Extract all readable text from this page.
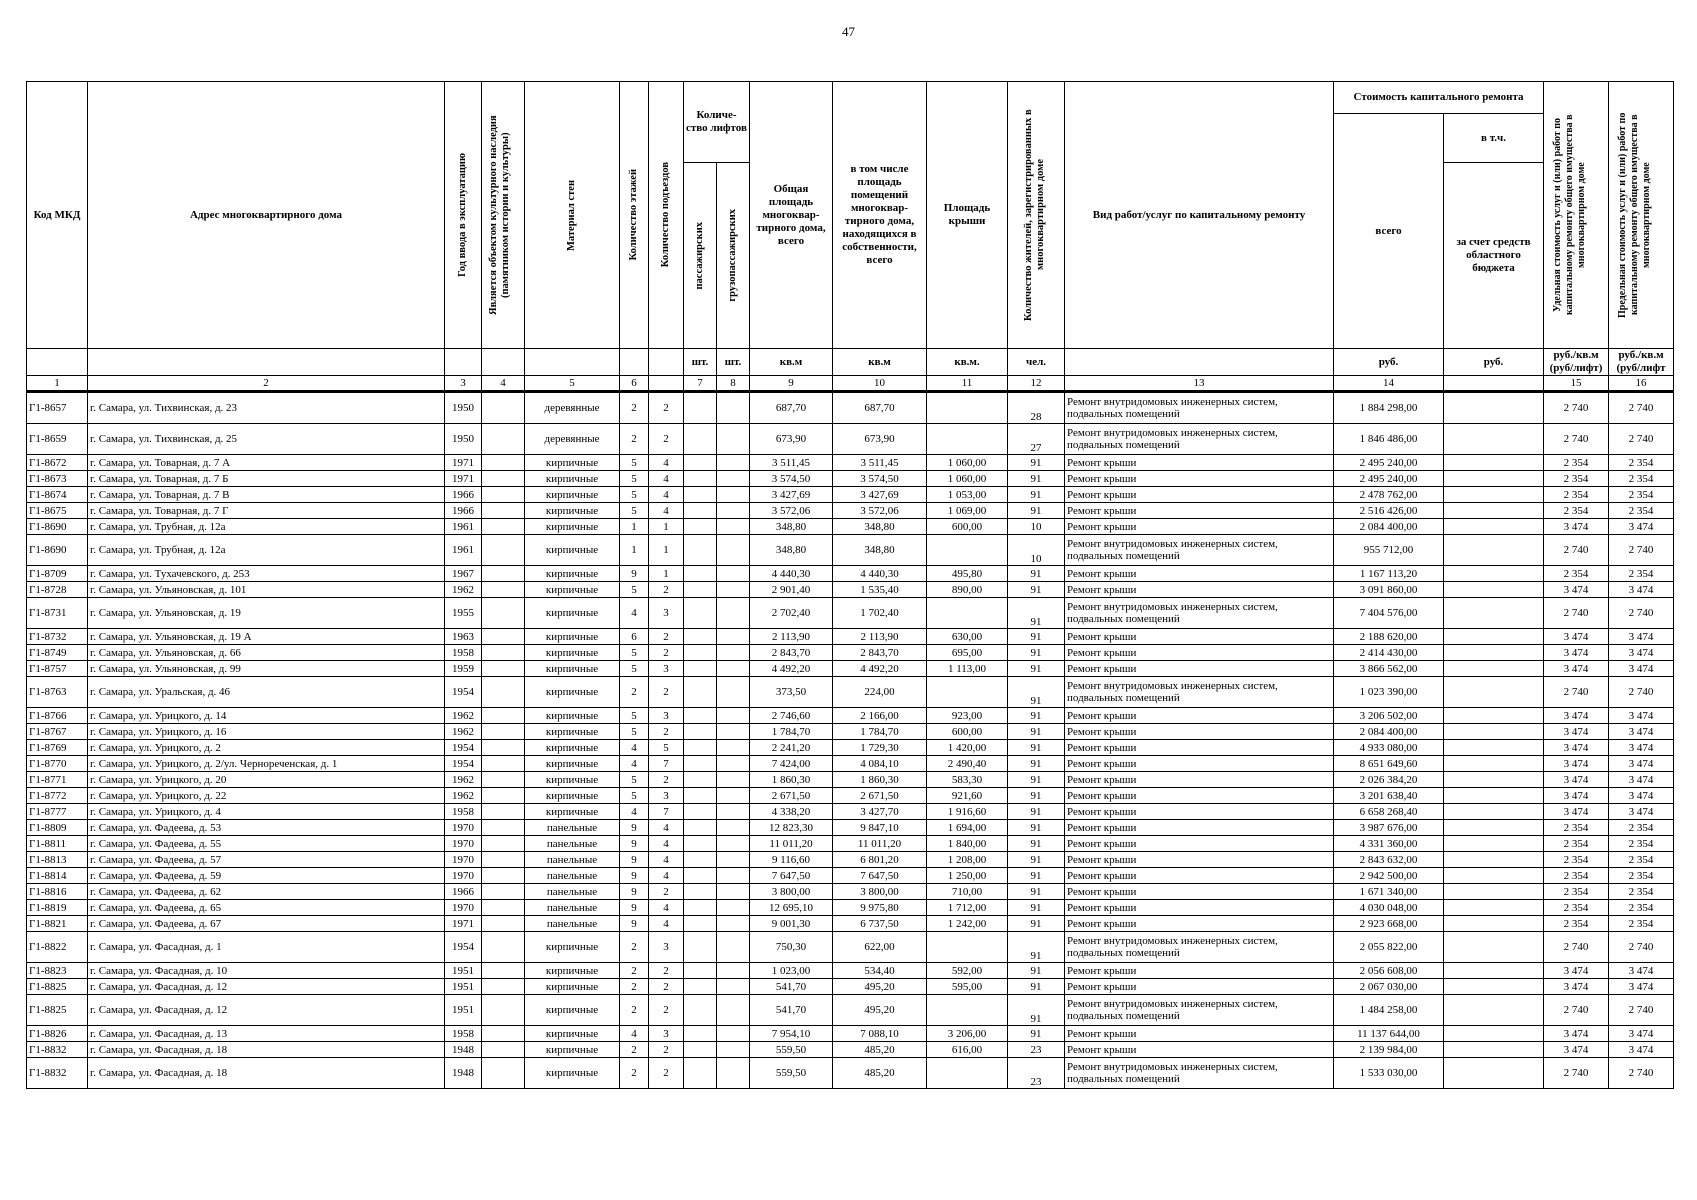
47
Код МКД	Адрес многоквартирного дома	Год ввода в эксплуатацию	Является объектом культурного наследия (памятником истории и культуры)	Материал стен	Количество этажей	Количество подъездов	Количе-ство лифтов		Общая площадь многоквар-тирного дома, всего	в том числе площадь помещений многоквар-тирного дома, находящихся в собственности, всего	Площадь крыши	Количество жителей, зарегистрированных в многоквартирном доме	Вид работ/услуг по капитальному ремонту	Стоимость капитального ремонта		Удельная стоимость услуг и (или) работ по капитальному ремонту общего имущества в многоквартирном доме	Предельная стоимость услуг и (или) работ по капитальному ремонту общего имущества в многоквартирном доме

														всего	в т.ч.		

							пассажирских	грузопассажирских							за счет средств областного бюджета		
							шт.	шт.	кв.м	кв.м	кв.м.	чел.		руб.	руб.	руб./кв.м (руб/лифт)	руб./кв.м (руб/лифт
1	2	3	4	5	6		7	8	9	10	11	12	13	14		15	16
Г1-8657	г. Самара, ул. Тихвинская, д. 23	1950		деревянные	2	2			687,70	687,70		28	Ремонт внутридомовых инженерных систем, подвальных помещений	1 884 298,00		2 740	2 740
Г1-8659	г. Самара, ул. Тихвинская, д. 25	1950		деревянные	2	2			673,90	673,90		27	Ремонт внутридомовых инженерных систем, подвальных помещений	1 846 486,00		2 740	2 740
Г1-8672	г. Самара, ул. Товарная, д. 7 А	1971		кирпичные	5	4			3 511,45	3 511,45	1 060,00	91	Ремонт крыши	2 495 240,00		2 354	2 354
Г1-8673	г. Самара, ул. Товарная, д. 7 Б	1971		кирпичные	5	4			3 574,50	3 574,50	1 060,00	91	Ремонт крыши	2 495 240,00		2 354	2 354
Г1-8674	г. Самара, ул. Товарная, д. 7 В	1966		кирпичные	5	4			3 427,69	3 427,69	1 053,00	91	Ремонт крыши	2 478 762,00		2 354	2 354
Г1-8675	г. Самара, ул. Товарная, д. 7 Г	1966		кирпичные	5	4			3 572,06	3 572,06	1 069,00	91	Ремонт крыши	2 516 426,00		2 354	2 354
Г1-8690	г. Самара, ул. Трубная, д. 12а	1961		кирпичные	1	1			348,80	348,80	600,00	10	Ремонт крыши	2 084 400,00		3 474	3 474
Г1-8690	г. Самара, ул. Трубная, д. 12а	1961		кирпичные	1	1			348,80	348,80		10	Ремонт внутридомовых инженерных систем, подвальных помещений	955 712,00		2 740	2 740
Г1-8709	г. Самара, ул. Тухачевского, д. 253	1967		кирпичные	9	1			4 440,30	4 440,30	495,80	91	Ремонт крыши	1 167 113,20		2 354	2 354
Г1-8728	г. Самара, ул. Ульяновская, д. 101	1962		кирпичные	5	2			2 901,40	1 535,40	890,00	91	Ремонт крыши	3 091 860,00		3 474	3 474
Г1-8731	г. Самара, ул. Ульяновская, д. 19	1955		кирпичные	4	3			2 702,40	1 702,40		91	Ремонт внутридомовых инженерных систем, подвальных помещений	7 404 576,00		2 740	2 740
Г1-8732	г. Самара, ул. Ульяновская, д. 19 А	1963		кирпичные	6	2			2 113,90	2 113,90	630,00	91	Ремонт крыши	2 188 620,00		3 474	3 474
Г1-8749	г. Самара, ул. Ульяновская, д. 66	1958		кирпичные	5	2			2 843,70	2 843,70	695,00	91	Ремонт крыши	2 414 430,00		3 474	3 474
Г1-8757	г. Самара, ул. Ульяновская, д. 99	1959		кирпичные	5	3			4 492,20	4 492,20	1 113,00	91	Ремонт крыши	3 866 562,00		3 474	3 474
Г1-8763	г. Самара, ул. Уральская, д. 46	1954		кирпичные	2	2			373,50	224,00		91	Ремонт внутридомовых инженерных систем, подвальных помещений	1 023 390,00		2 740	2 740
Г1-8766	г. Самара, ул. Урицкого, д. 14	1962		кирпичные	5	3			2 746,60	2 166,00	923,00	91	Ремонт крыши	3 206 502,00		3 474	3 474
Г1-8767	г. Самара, ул. Урицкого, д. 16	1962		кирпичные	5	2			1 784,70	1 784,70	600,00	91	Ремонт крыши	2 084 400,00		3 474	3 474
Г1-8769	г. Самара, ул. Урицкого, д. 2	1954		кирпичные	4	5			2 241,20	1 729,30	1 420,00	91	Ремонт крыши	4 933 080,00		3 474	3 474
Г1-8770	г. Самара, ул. Урицкого, д. 2/ул. Чернореченская, д. 1	1954		кирпичные	4	7			7 424,00	4 084,10	2 490,40	91	Ремонт крыши	8 651 649,60		3 474	3 474
Г1-8771	г. Самара, ул. Урицкого, д. 20	1962		кирпичные	5	2			1 860,30	1 860,30	583,30	91	Ремонт крыши	2 026 384,20		3 474	3 474
Г1-8772	г. Самара, ул. Урицкого, д. 22	1962		кирпичные	5	3			2 671,50	2 671,50	921,60	91	Ремонт крыши	3 201 638,40		3 474	3 474
Г1-8777	г. Самара, ул. Урицкого, д. 4	1958		кирпичные	4	7			4 338,20	3 427,70	1 916,60	91	Ремонт крыши	6 658 268,40		3 474	3 474
Г1-8809	г. Самара, ул. Фадеева, д. 53	1970		панельные	9	4			12 823,30	9 847,10	1 694,00	91	Ремонт крыши	3 987 676,00		2 354	2 354
Г1-8811	г. Самара, ул. Фадеева, д. 55	1970		панельные	9	4			11 011,20	11 011,20	1 840,00	91	Ремонт крыши	4 331 360,00		2 354	2 354
Г1-8813	г. Самара, ул. Фадеева, д. 57	1970		панельные	9	4			9 116,60	6 801,20	1 208,00	91	Ремонт крыши	2 843 632,00		2 354	2 354
Г1-8814	г. Самара, ул. Фадеева, д. 59	1970		панельные	9	4			7 647,50	7 647,50	1 250,00	91	Ремонт крыши	2 942 500,00		2 354	2 354
Г1-8816	г. Самара, ул. Фадеева, д. 62	1966		панельные	9	2			3 800,00	3 800,00	710,00	91	Ремонт крыши	1 671 340,00		2 354	2 354
Г1-8819	г. Самара, ул. Фадеева, д. 65	1970		панельные	9	4			12 695,10	9 975,80	1 712,00	91	Ремонт крыши	4 030 048,00		2 354	2 354
Г1-8821	г. Самара, ул. Фадеева, д. 67	1971		панельные	9	4			9 001,30	6 737,50	1 242,00	91	Ремонт крыши	2 923 668,00		2 354	2 354
Г1-8822	г. Самара, ул. Фасадная, д. 1	1954		кирпичные	2	3			750,30	622,00		91	Ремонт внутридомовых инженерных систем, подвальных помещений	2 055 822,00		2 740	2 740
Г1-8823	г. Самара, ул. Фасадная, д. 10	1951		кирпичные	2	2			1 023,00	534,40	592,00	91	Ремонт крыши	2 056 608,00		3 474	3 474
Г1-8825	г. Самара, ул. Фасадная, д. 12	1951		кирпичные	2	2			541,70	495,20	595,00	91	Ремонт крыши	2 067 030,00		3 474	3 474
Г1-8825	г. Самара, ул. Фасадная, д. 12	1951		кирпичные	2	2			541,70	495,20		91	Ремонт внутридомовых инженерных систем, подвальных помещений	1 484 258,00		2 740	2 740
Г1-8826	г. Самара, ул. Фасадная, д. 13	1958		кирпичные	4	3			7 954,10	7 088,10	3 206,00	91	Ремонт крыши	11 137 644,00		3 474	3 474
Г1-8832	г. Самара, ул. Фасадная, д. 18	1948		кирпичные	2	2			559,50	485,20	616,00	23	Ремонт крыши	2 139 984,00		3 474	3 474
Г1-8832	г. Самара, ул. Фасадная, д. 18	1948		кирпичные	2	2			559,50	485,20		23	Ремонт внутридомовых инженерных систем, подвальных помещений	1 533 030,00		2 740	2 740
